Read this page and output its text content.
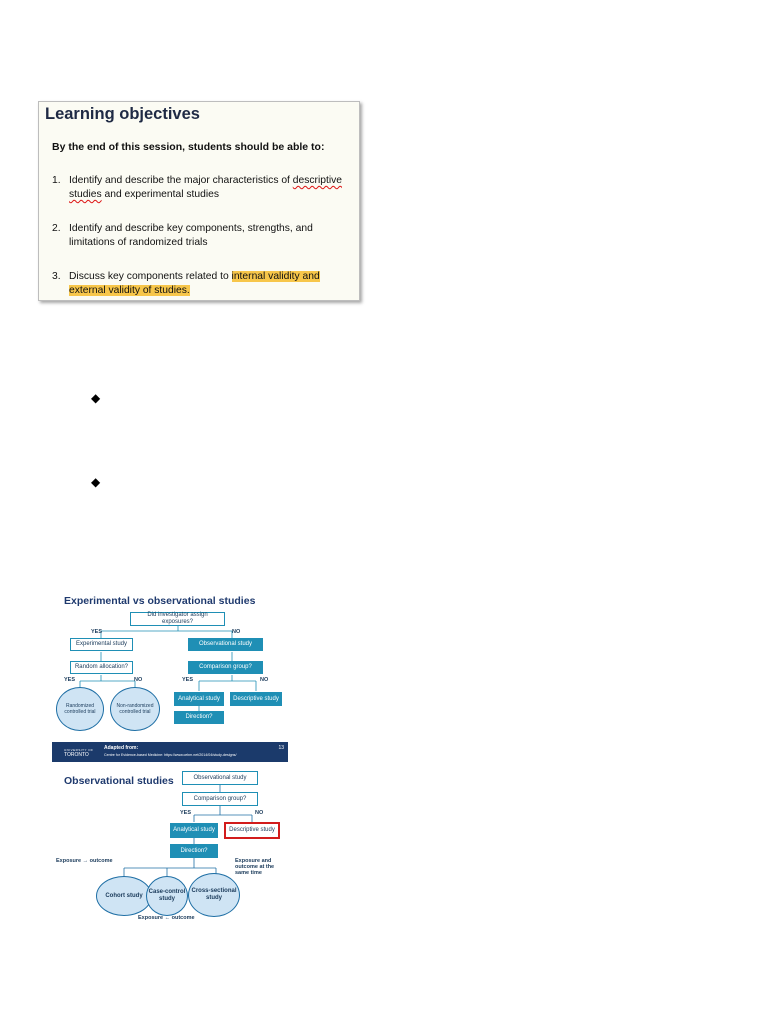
Learning objectives
By the end of this session, students should be able to:
1. Identify and describe the major characteristics of descriptive studies and experimental studies
2. Identify and describe key components, strengths, and limitations of randomized trials
3. Discuss key components related to internal validity and external validity of studies.
◆
◆
Experimental vs observational studies
Did investigator assign exposures?
YES	NO
Experimental study	Observational study
Random allocation?	Comparison group?
YES	NO	YES	NO
Randomized controlled trial
Non-randomized controlled trial
Analytical study	Descriptive study
Direction?
UNIVERSITY OF
TORONTO
Adapted from:
Centre for Evidence-based Medicine: https://www.cebm.net/2014/04/study-designs/
13
Observational studies	Observational study
Comparison group?
YES	NO
Analytical study	Descriptive study
Direction?
Exposure → outcome	Exposure and outcome at the same time
Cohort study
Case-control study
Cross-sectional study
Exposure ← outcome
